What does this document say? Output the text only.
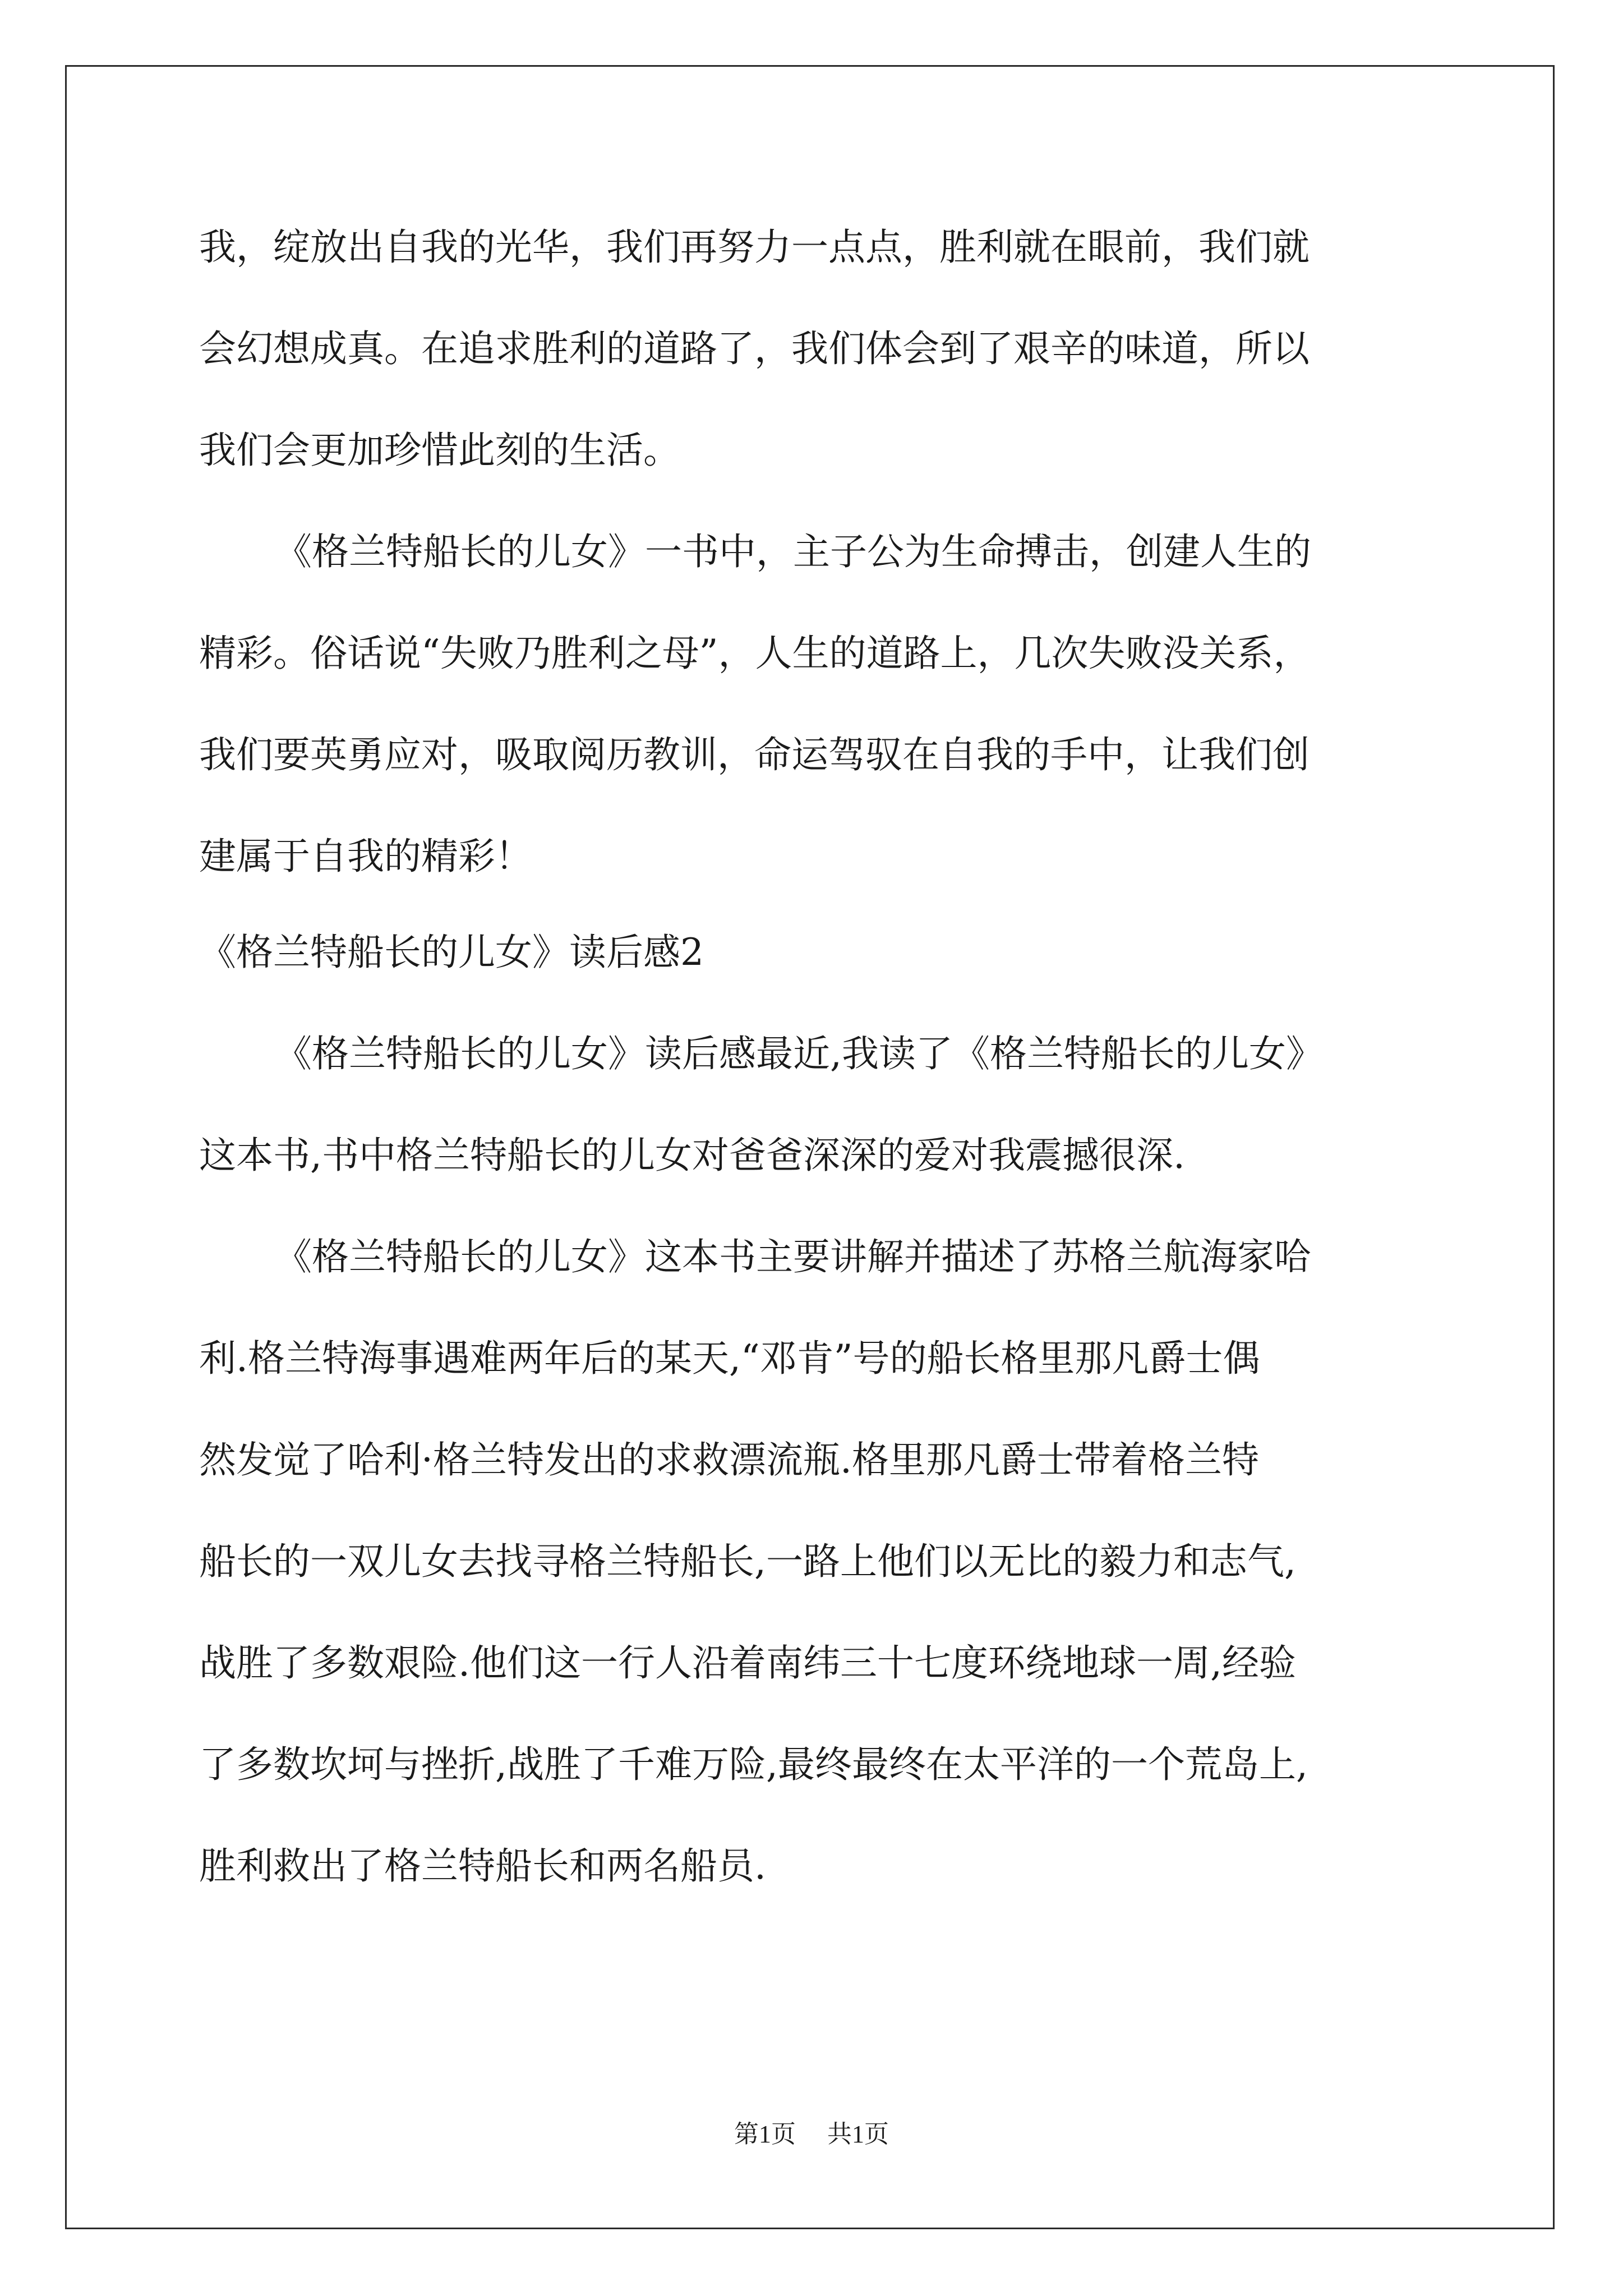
我，绽放出自我的光华，我们再努力一点点，胜利就在眼前，我们就
会幻想成真。在追求胜利的道路了，我们体会到了艰辛的味道，所以
我们会更加珍惜此刻的生活。
《格兰特船长的儿女》一书中，主子公为生命搏击，创建人生的
精彩。俗话说“失败乃胜利之母”，人生的道路上，几次失败没关系，
我们要英勇应对，吸取阅历教训，命运驾驭在自我的手中，让我们创
建属于自我的精彩！
《格兰特船长的儿女》读后感2
《格兰特船长的儿女》读后感最近,我读了《格兰特船长的儿女》
这本书,书中格兰特船长的儿女对爸爸深深的爱对我震撼很深.
《格兰特船长的儿女》这本书主要讲解并描述了苏格兰航海家哈
利.格兰特海事遇难两年后的某天,“邓肯”号的船长格里那凡爵士偶
然发觉了哈利·格兰特发出的求救漂流瓶.格里那凡爵士带着格兰特
船长的一双儿女去找寻格兰特船长,一路上他们以无比的毅力和志气,
战胜了多数艰险.他们这一行人沿着南纬三十七度环绕地球一周,经验
了多数坎坷与挫折,战胜了千难万险,最终最终在太平洋的一个荒岛上,
胜利救出了格兰特船长和两名船员.
第1页 共1页
